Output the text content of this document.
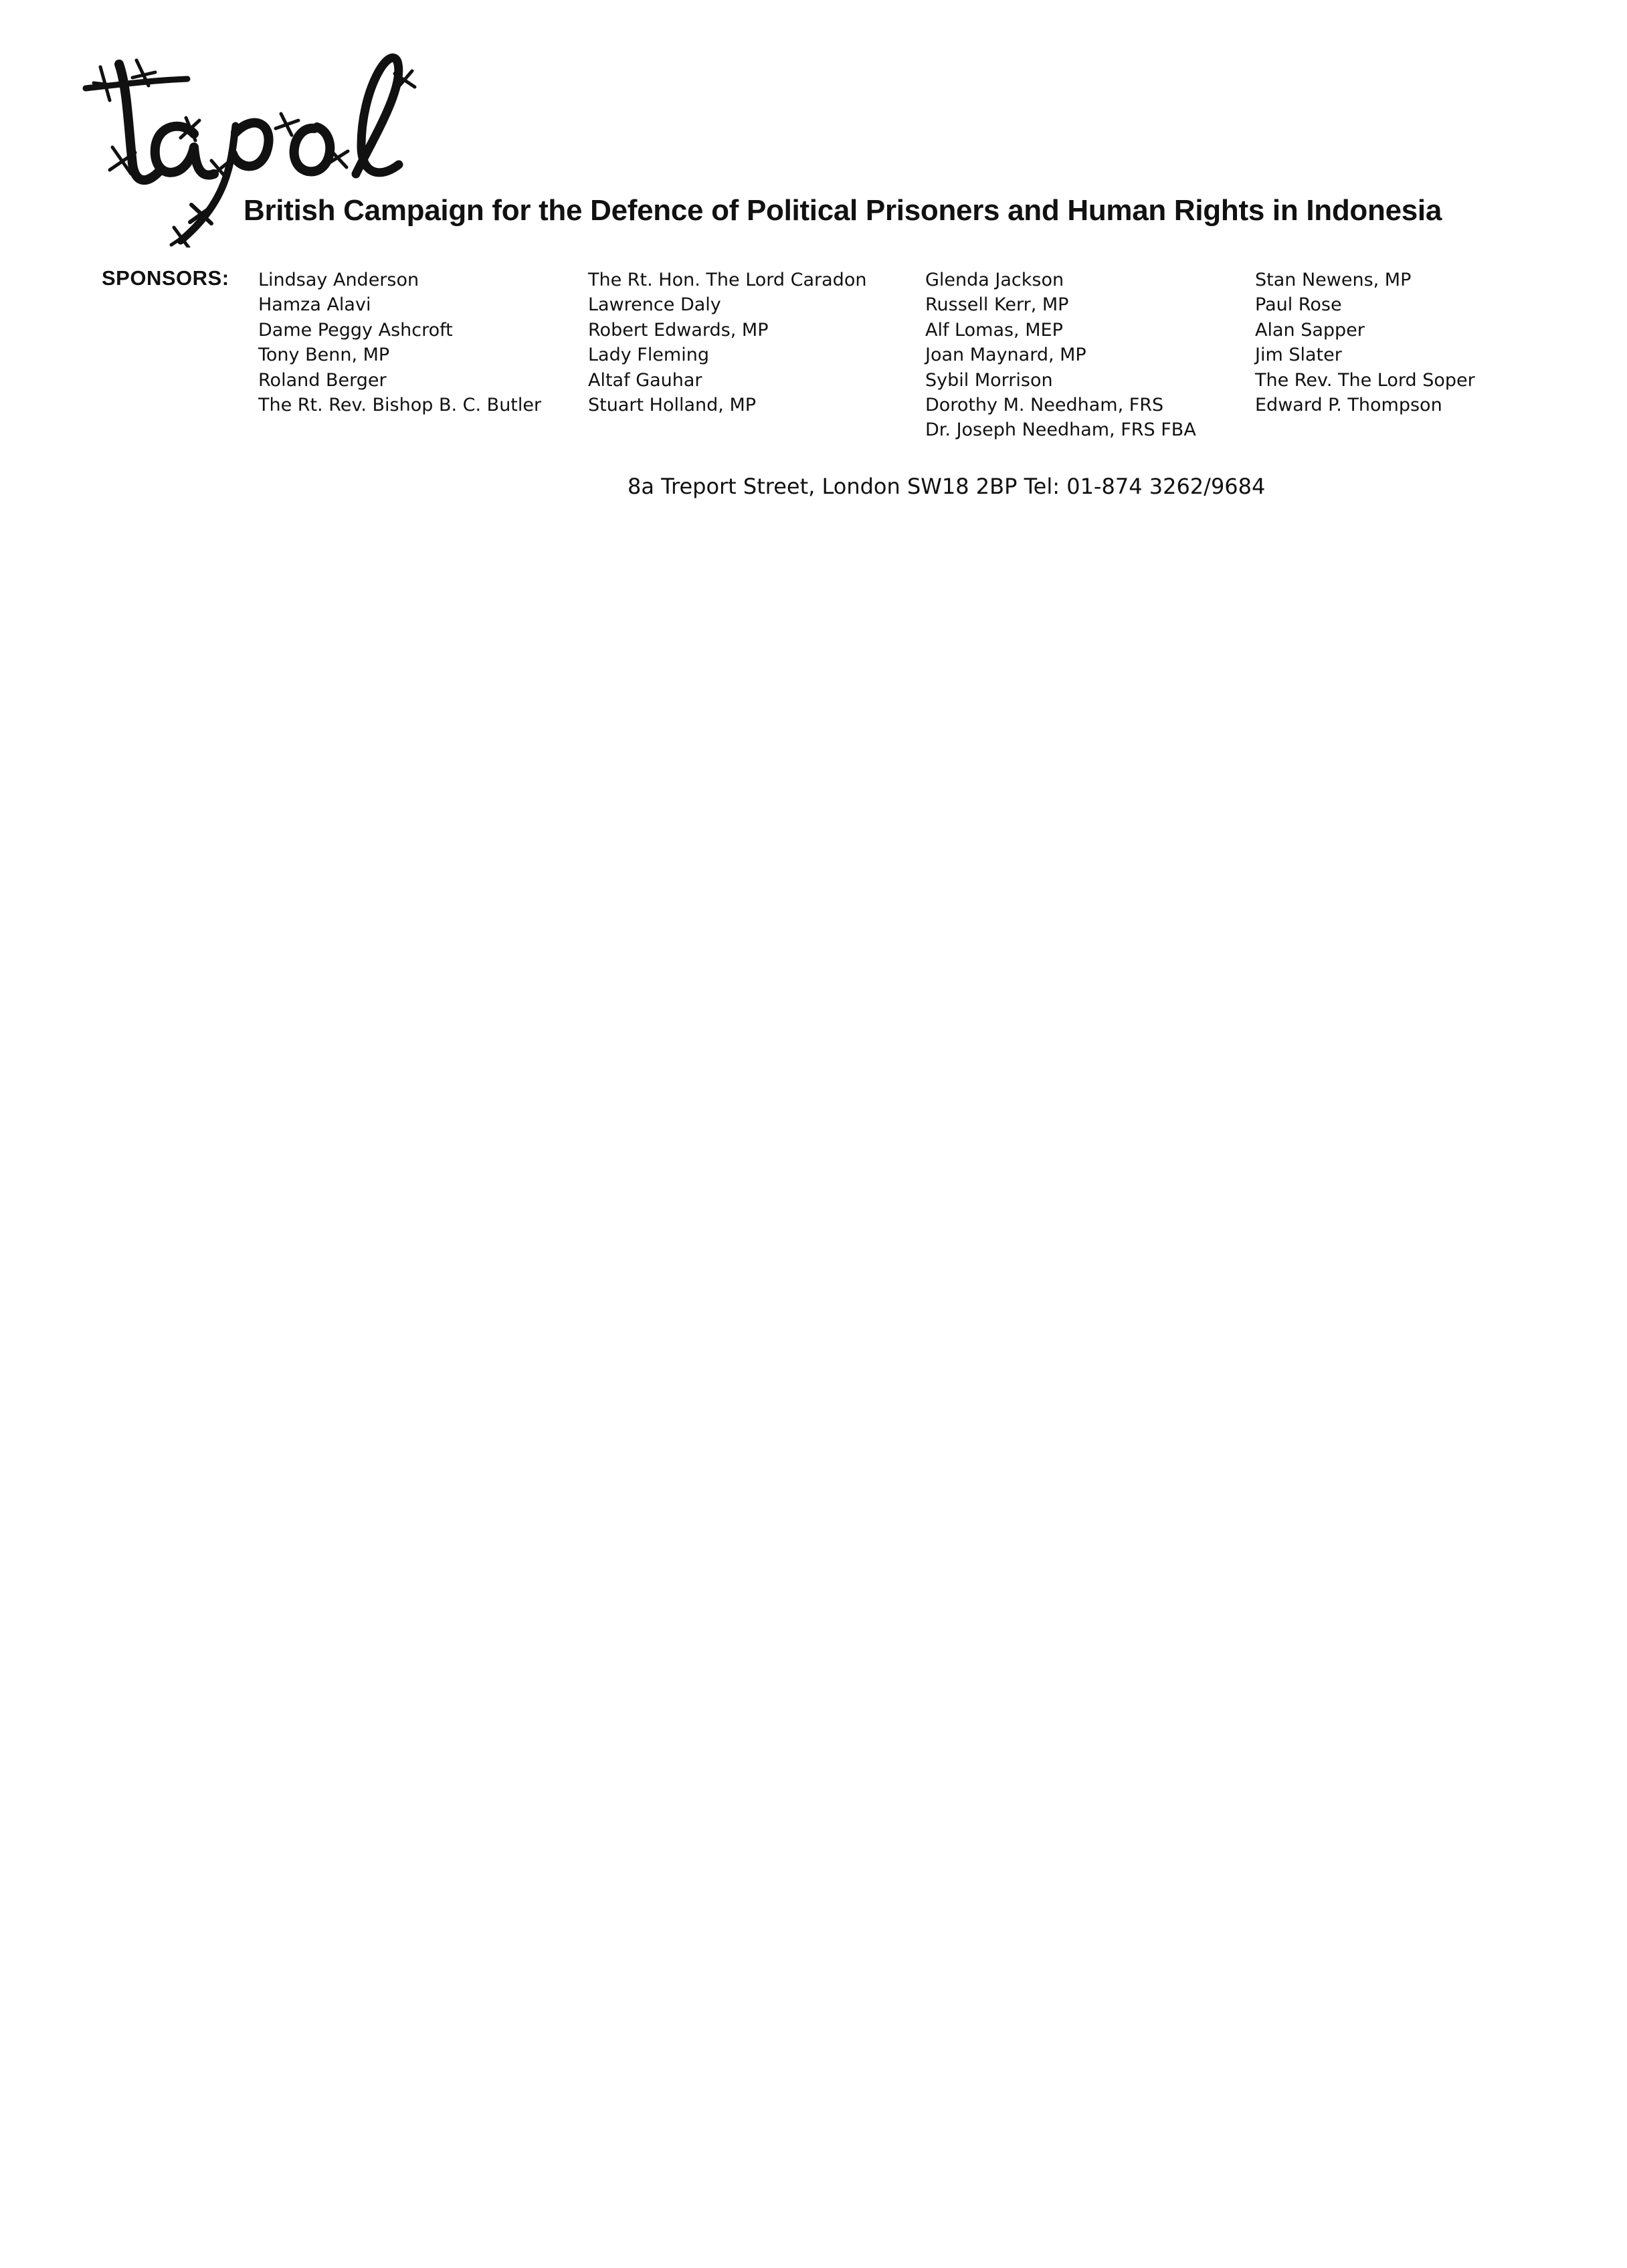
British Campaign for the Defence of Political Prisoners and Human Rights in Indonesia
SPONSORS: Lindsay Anderson
Hamza Alavi
Dame Peggy Ashcroft
Tony Benn, MP
Roland Berger
The Rt. Rev. Bishop B. C. Butler
The Rt. Hon. The Lord Caradon
Lawrence Daly
Robert Edwards, MP
Lady Fleming
Altaf Gauhar
Stuart Holland, MP
Glenda Jackson
Russell Kerr, MP
Alf Lomas, MEP
Joan Maynard, MP
Sybil Morrison
Dorothy M. Needham, FRS
Dr. Joseph Needham, FRS FBA
Stan Newens, MP
Paul Rose
Alan Sapper
Jim Slater
The Rev. The Lord Soper
Edward P. Thompson
8a Treport Street, London SW18 2BP Tel: 01-874 3262/9684
